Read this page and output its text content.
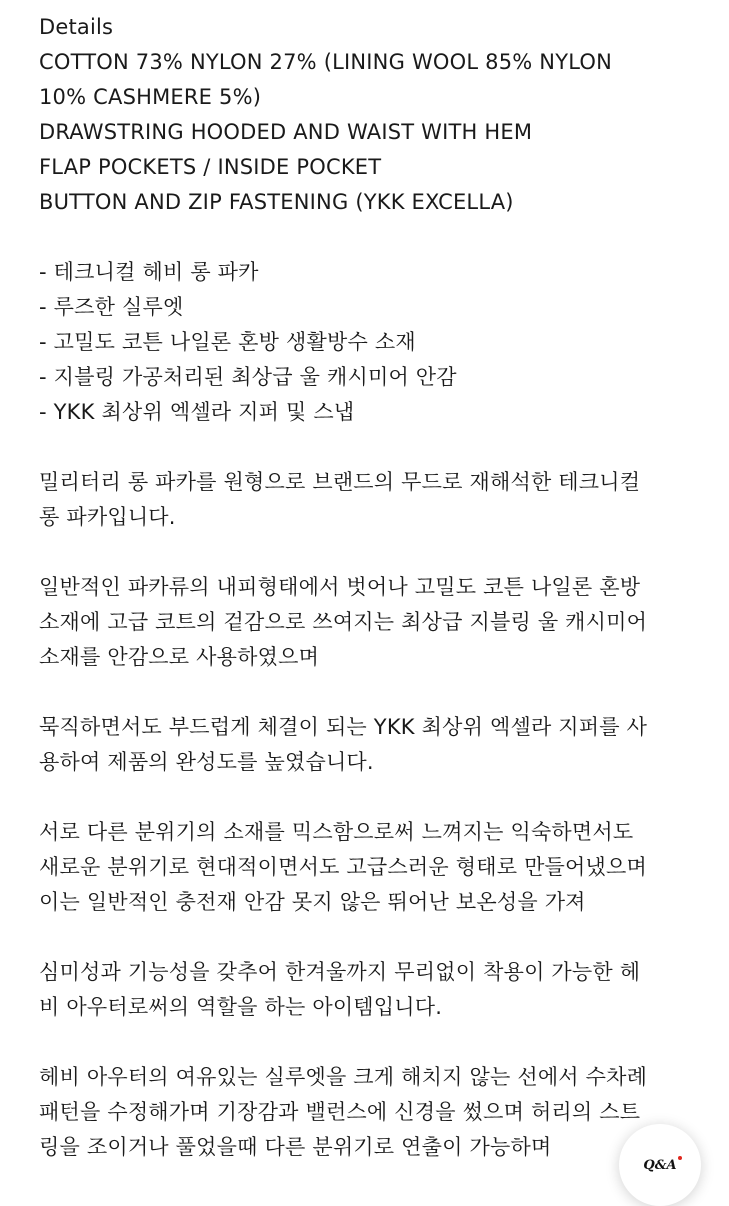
Details
COTTON 73% NYLON 27% (LINING WOOL 85% NYLON
10% CASHMERE 5%)
DRAWSTRING HOODED AND WAIST WITH HEM
FLAP POCKETS / INSIDE POCKET
BUTTON AND ZIP FASTENING (YKK EXCELLA)
- 테크니컬 헤비 롱 파카
- 루즈한 실루엣
- 고밀도 코튼 나일론 혼방 생활방수 소재
- 지블링 가공처리된 최상급 울 캐시미어 안감
- YKK 최상위 엑셀라 지퍼 및 스냅
밀리터리 롱 파카를 원형으로 브랜드의 무드로 재해석한 테크니컬
롱 파카입니다.
일반적인 파카류의 내피형태에서 벗어나 고밀도 코튼 나일론 혼방
소재에 고급 코트의 겉감으로 쓰여지는 최상급 지블링 울 캐시미어
소재를 안감으로 사용하였으며
묵직하면서도 부드럽게 체결이 되는 YKK 최상위 엑셀라 지퍼를 사
용하여 제품의 완성도를 높였습니다.
서로 다른 분위기의 소재를 믹스함으로써 느껴지는 익숙하면서도
새로운 분위기로 현대적이면서도 고급스러운 형태로 만들어냈으며
이는 일반적인 충전재 안감 못지 않은 뛰어난 보온성을 가져
심미성과 기능성을 갖추어 한겨울까지 무리없이 착용이 가능한 헤
비 아우터로써의 역할을 하는 아이템입니다.
헤비 아우터의 여유있는 실루엣을 크게 해치지 않는 선에서 수차례
패턴을 수정해가며 기장감과 밸런스에 신경을 썼으며 허리의 스트
링을 조이거나 풀었을때 다른 분위기로 연출이 가능하며
Q&A
